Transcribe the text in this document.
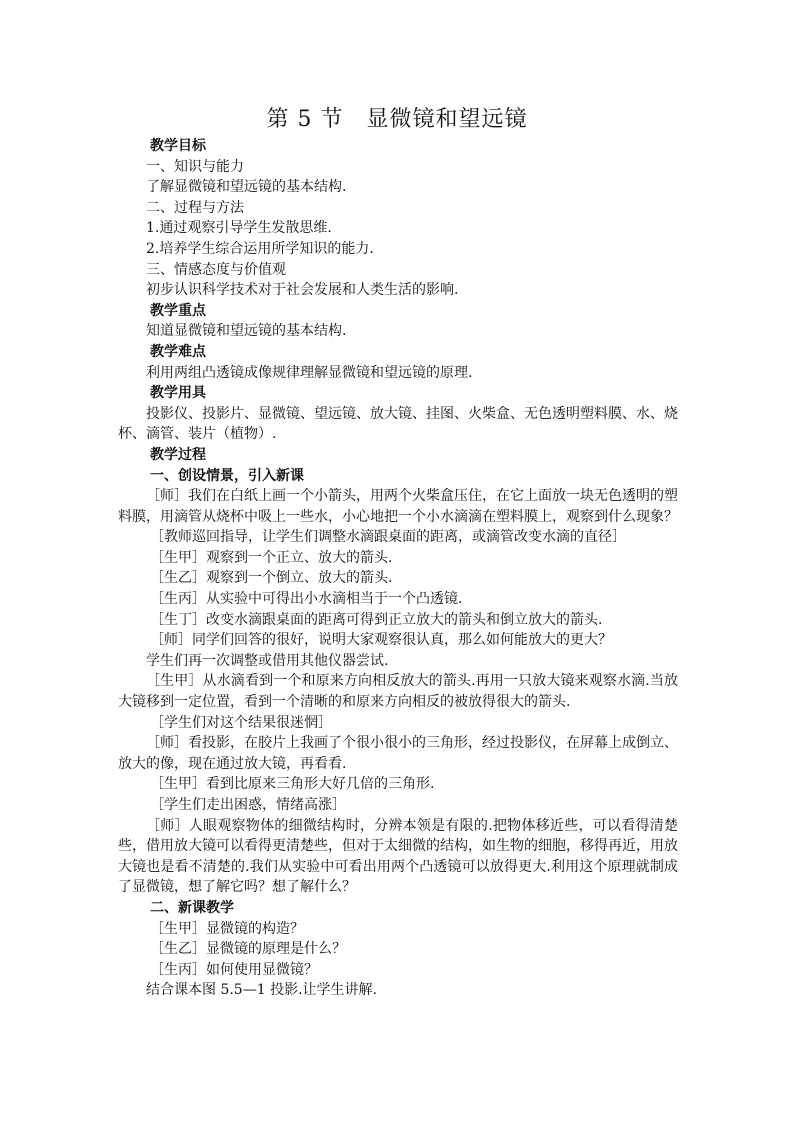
第 5 节　显微镜和望远镜
教学目标
一、知识与能力
了解显微镜和望远镜的基本结构.
二、过程与方法
1.通过观察引导学生发散思维.
2.培养学生综合运用所学知识的能力.
三、情感态度与价值观
初步认识科学技术对于社会发展和人类生活的影响.
教学重点
知道显微镜和望远镜的基本结构.
教学难点
利用两组凸透镜成像规律理解显微镜和望远镜的原理.
教学用具
投影仪、投影片、显微镜、望远镜、放大镜、挂图、火柴盒、无色透明塑料膜、水、烧杯、滴管、装片（植物）.
教学过程
一、创设情景，引入新课
［师］我们在白纸上画一个小箭头，用两个火柴盒压住，在它上面放一块无色透明的塑料膜，用滴管从烧杯中吸上一些水，小心地把一个小水滴滴在塑料膜上，观察到什么现象？
［教师巡回指导，让学生们调整水滴跟桌面的距离，或滴管改变水滴的直径］
［生甲］观察到一个正立、放大的箭头.
［生乙］观察到一个倒立、放大的箭头.
［生丙］从实验中可得出小水滴相当于一个凸透镜.
［生丁］改变水滴跟桌面的距离可得到正立放大的箭头和倒立放大的箭头.
［师］同学们回答的很好，说明大家观察很认真，那么如何能放大的更大？
学生们再一次调整或借用其他仪器尝试.
［生甲］从水滴看到一个和原来方向相反放大的箭头.再用一只放大镜来观察水滴.当放大镜移到一定位置，看到一个清晰的和原来方向相反的被放得很大的箭头.
［学生们对这个结果很迷惘］
［师］看投影，在胶片上我画了个很小很小的三角形，经过投影仪，在屏幕上成倒立、放大的像，现在通过放大镜，再看看.
［生甲］看到比原来三角形大好几倍的三角形.
［学生们走出困惑，情绪高涨］
［师］人眼观察物体的细微结构时，分辨本领是有限的.把物体移近些，可以看得清楚些，借用放大镜可以看得更清楚些，但对于太细微的结构，如生物的细胞，移得再近，用放大镜也是看不清楚的.我们从实验中可看出用两个凸透镜可以放得更大.利用这个原理就制成了显微镜，想了解它吗？想了解什么？
二、新课教学
［生甲］显微镜的构造？
［生乙］显微镜的原理是什么？
［生丙］如何使用显微镜？
结合课本图 5.5—1 投影.让学生讲解.
